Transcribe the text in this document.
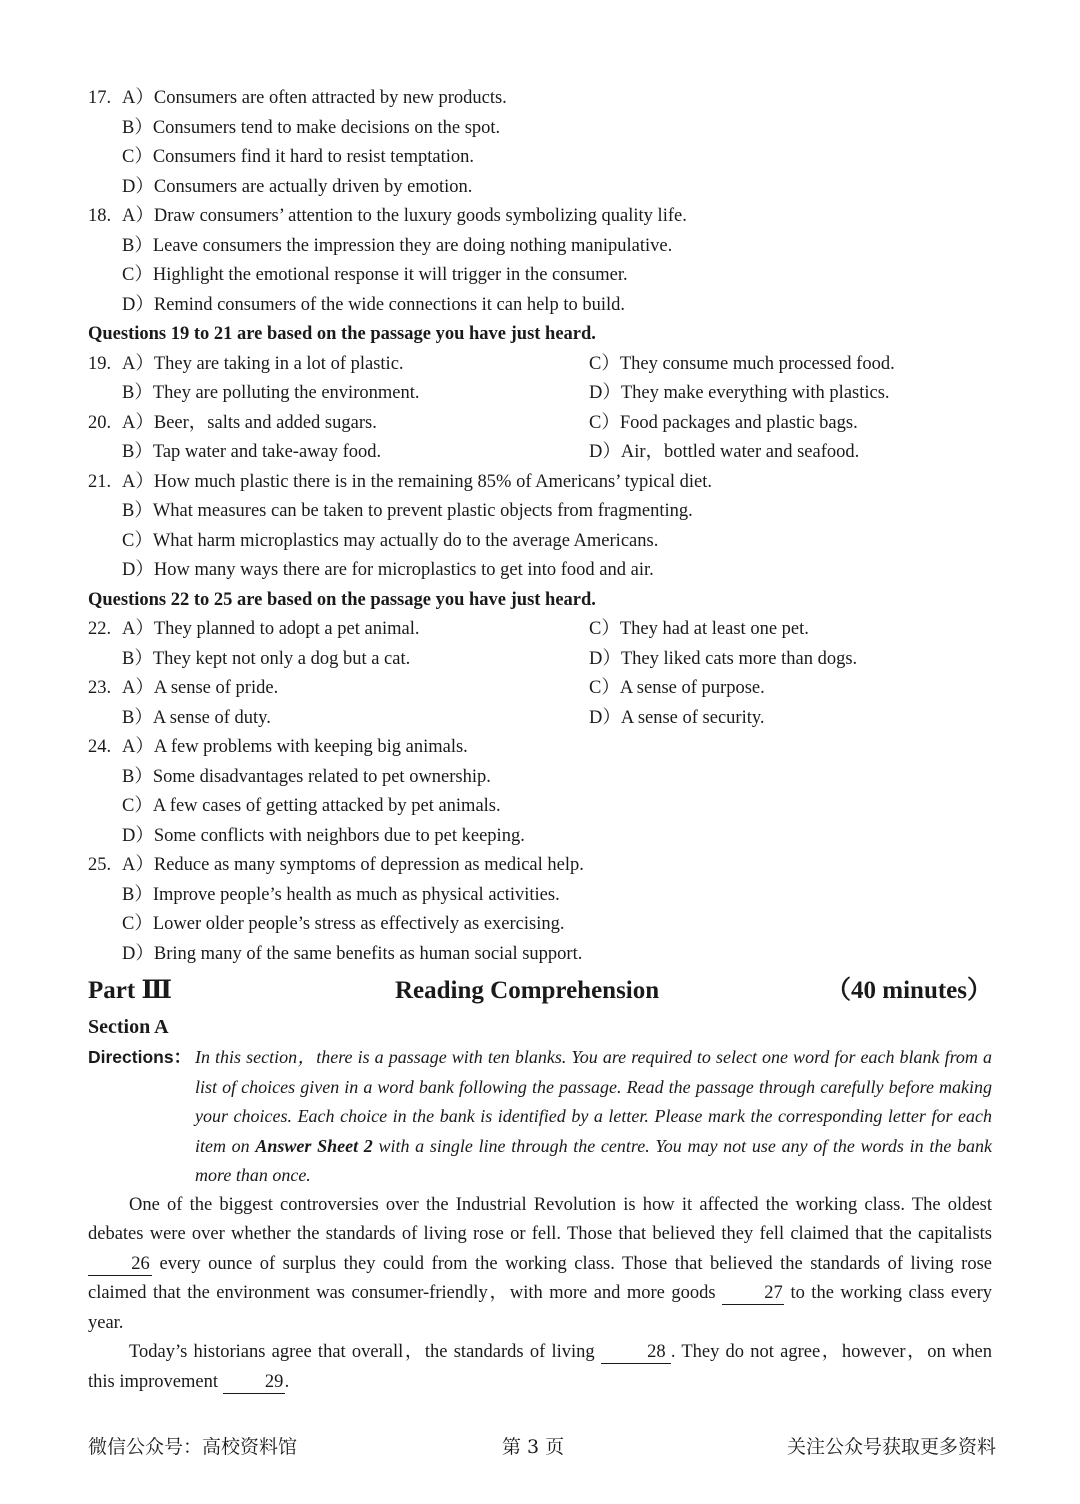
17. A）Consumers are often attracted by new products.
B）Consumers tend to make decisions on the spot.
C）Consumers find it hard to resist temptation.
D）Consumers are actually driven by emotion.
18. A）Draw consumers’ attention to the luxury goods symbolizing quality life.
B）Leave consumers the impression they are doing nothing manipulative.
C）Highlight the emotional response it will trigger in the consumer.
D）Remind consumers of the wide connections it can help to build.
Questions 19 to 21 are based on the passage you have just heard.
19. A）They are taking in a lot of plastic.	C）They consume much processed food.
B）They are polluting the environment.	D）They make everything with plastics.
20. A）Beer，salts and added sugars.	C）Food packages and plastic bags.
B）Tap water and take-away food.	D）Air，bottled water and seafood.
21. A）How much plastic there is in the remaining 85% of Americans’ typical diet.
B）What measures can be taken to prevent plastic objects from fragmenting.
C）What harm microplastics may actually do to the average Americans.
D）How many ways there are for microplastics to get into food and air.
Questions 22 to 25 are based on the passage you have just heard.
22. A）They planned to adopt a pet animal.	C）They had at least one pet.
B）They kept not only a dog but a cat.	D）They liked cats more than dogs.
23. A）A sense of pride.	C）A sense of purpose.
B）A sense of duty.	D）A sense of security.
24. A）A few problems with keeping big animals.
B）Some disadvantages related to pet ownership.
C）A few cases of getting attacked by pet animals.
D）Some conflicts with neighbors due to pet keeping.
25. A）Reduce as many symptoms of depression as medical help.
B）Improve people’s health as much as physical activities.
C）Lower older people’s stress as effectively as exercising.
D）Bring many of the same benefits as human social support.
Part Ⅲ	Reading Comprehension	（40 minutes）
Section A
Directions： In this section，there is a passage with ten blanks. You are required to select one word for each blank from a list of choices given in a word bank following the passage. Read the passage through carefully before making your choices. Each choice in the bank is identified by a letter. Please mark the corresponding letter for each item on Answer Sheet 2 with a single line through the centre. You may not use any of the words in the bank more than once.
One of the biggest controversies over the Industrial Revolution is how it affected the working class. The oldest debates were over whether the standards of living rose or fell. Those that believed they fell claimed that the capitalists 26 every ounce of surplus they could from the working class. Those that believed the standards of living rose claimed that the environment was consumer-friendly，with more and more goods 27 to the working class every year.
Today’s historians agree that overall，the standards of living	28 . They do not agree，however，on when this improvement 29.
微信公众号：高校资料馆	第 3 页	关注公众号获取更多资料
